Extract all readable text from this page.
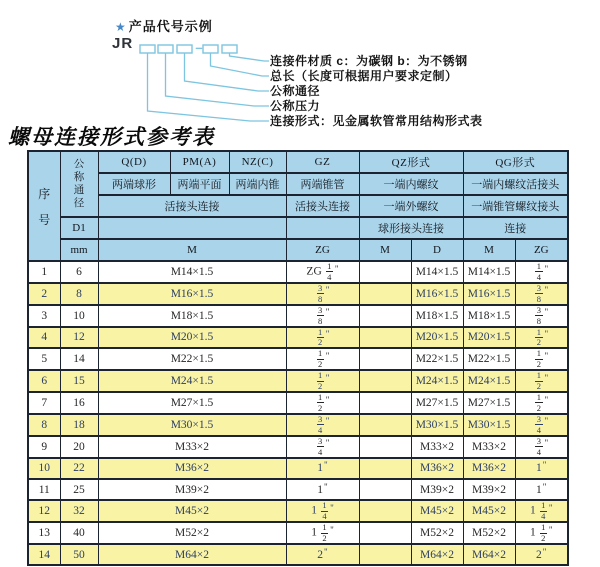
★ 产品代号示例
JR	–
连接件材质 c：为碳钢 b：为不锈钢
总长（长度可根据用户要求定制）
公称通径
公称压力
连接形式：见金属软管常用结构形式表
螺母连接形式参考表
序
号	公
称
通
径	Q(D)	PM(A)	NZ(C)	GZ	QZ形式		QG形式	
		两端球形	两端平面	两端内锥	两端锥管	一端内螺纹		一端内螺纹活接头	
		活接头连接			活接头连接	一端外螺纹		一端锥管螺纹接头	
	D1					球形接头连接		连接	
	mm	M			ZG	M	D	M	ZG
1	6	M14×1.5			ZG $\frac{1}{4} ^"$		M14×1.5	M14×1.5	$\frac{1}{4} ^"$
2	8	M16×1.5			$\frac{3}{8} ^"$		M16×1.5	M16×1.5	$\frac{3}{8} ^"$
3	10	M18×1.5			$\frac{3}{8} ^"$		M18×1.5	M18×1.5	$\frac{3}{8} ^"$
4	12	M20×1.5			$\frac{1}{2} ^"$		M20×1.5	M20×1.5	$\frac{1}{2} ^"$
5	14	M22×1.5			$\frac{1}{2} ^"$		M22×1.5	M22×1.5	$\frac{1}{2} ^"$
6	15	M24×1.5			$\frac{1}{2} ^"$		M24×1.5	M24×1.5	$\frac{1}{2} ^"$
7	16	M27×1.5			$\frac{1}{2} ^"$		M27×1.5	M27×1.5	$\frac{1}{2} ^"$
8	18	M30×1.5			$\frac{3}{4} ^"$		M30×1.5	M30×1.5	$\frac{3}{4} ^"$
9	20	M33×2			$\frac{3}{4} ^"$		M33×2	M33×2	$\frac{3}{4} ^"$
10	22	M36×2			1"		M36×2	M36×2	1"
11	25	M39×2			1"		M39×2	M39×2	1"
12	32	M45×2			$1 \frac{1}{4} ^"$		M45×2	M45×2	$1 \frac{1}{4} ^"$
13	40	M52×2			$1 \frac{1}{2} ^"$		M52×2	M52×2	$1 \frac{1}{2} ^"$
14	50	M64×2			2"		M64×2	M64×2	2"
